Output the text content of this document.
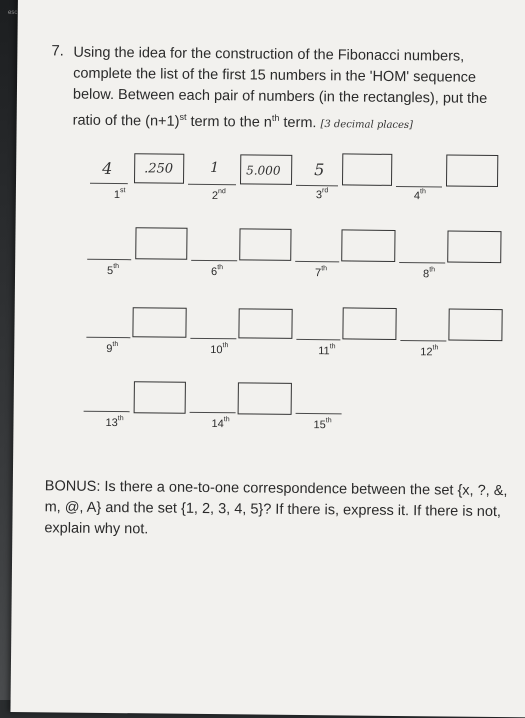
esc
7. Using the idea for the construction of the Fibonacci numbers, complete the list of the first 15 numbers in the 'HOM' sequence below. Between each pair of numbers (in the rectangles), put the ratio of the $(n+1)^{st}$ term to the $n^{th}$ term. [3 decimal places]
4 .250	1 5.000 5
1st	2nd	3rd	4th
5th	6th	7th	8th
9th	10th	11th	12th
13th	14th	15th
BONUS: Is there a one-to-one correspondence between the set {x, ?, &, m, @, A} and the set {1, 2, 3, 4, 5}? If there is, express it. If there is not, explain why not.
